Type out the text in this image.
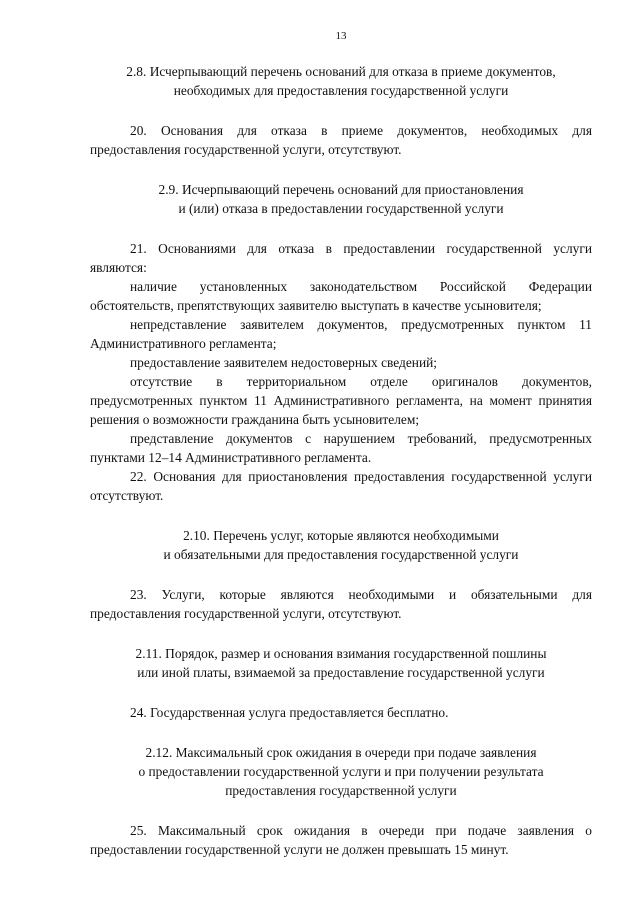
13
2.8. Исчерпывающий перечень оснований для отказа в приеме документов,
необходимых для предоставления государственной услуги

20. Основания для отказа в приеме документов, необходимых для предоставления государственной услуги, отсутствуют.

2.9. Исчерпывающий перечень оснований для приостановления
и (или) отказа в предоставлении государственной услуги

21. Основаниями для отказа в предоставлении государственной услуги являются:

наличие установленных законодательством Российской Федерации обстоятельств, препятствующих заявителю выступать в качестве усыновителя;

непредставление заявителем документов, предусмотренных пунктом 11 Административного регламента;

предоставление заявителем недостоверных сведений;

отсутствие в территориальном отделе оригиналов документов, предусмотренных пунктом 11 Административного регламента, на момент принятия решения о возможности гражданина быть усыновителем;

представление документов с нарушением требований, предусмотренных пунктами 12–14 Административного регламента.

22. Основания для приостановления предоставления государственной услуги отсутствуют.

2.10. Перечень услуг, которые являются необходимыми
и обязательными для предоставления государственной услуги

23. Услуги, которые являются необходимыми и обязательными для предоставления государственной услуги, отсутствуют.

2.11. Порядок, размер и основания взимания государственной пошлины
или иной платы, взимаемой за предоставление государственной услуги

24. Государственная услуга предоставляется бесплатно.

2.12. Максимальный срок ожидания в очереди при подаче заявления
о предоставлении государственной услуги и при получении результата
предоставления государственной услуги

25. Максимальный срок ожидания в очереди при подаче заявления о предоставлении государственной услуги не должен превышать 15 минут.
